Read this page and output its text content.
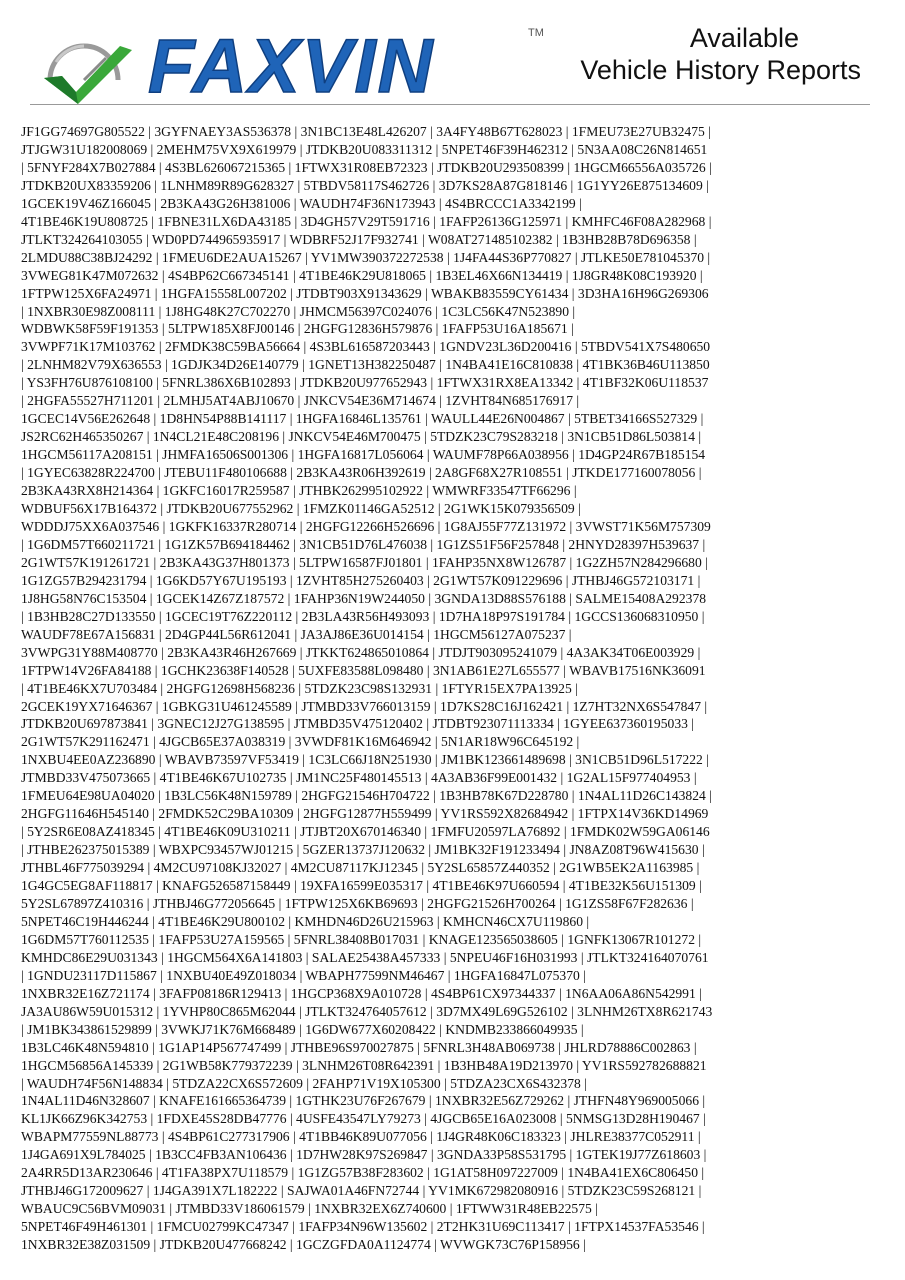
FAXVIN	TM	Available
Vehicle History Reports
JF1GG74697G805522 | 3GYFNAEY3AS536378 | 3N1BC13E48L426207 | 3A4FY48B67T628023 | 1FMEU73E27UB32475 |
JTJGW31U182008069 | 2MEHM75VX9X619979 | JTDKB20U083311312 | 5NPET46F39H462312 | 5N3AA08C26N814651
| 5FNYF284X7B027884 | 4S3BL626067215365 | 1FTWX31R08EB72323 | JTDKB20U293508399 | 1HGCM66556A035726 |
JTDKB20UX83359206 | 1LNHM89R89G628327 | 5TBDV58117S462726 | 3D7KS28A87G818146 | 1G1YY26E875134609 |
1GCEK19V46Z166045 | 2B3KA43G26H381006 | WAUDH74F36N173943 | 4S4BRCCC1A3342199 |
4T1BE46K19U808725 | 1FBNE31LX6DA43185 | 3D4GH57V29T591716 | 1FAFP26136G125971 | KMHFC46F08A282968 |
JTLKT324264103055 | WD0PD744965935917 | WDBRF52J17F932741 | W08AT271485102382 | 1B3HB28B78D696358 |
2LMDU88C38BJ24292 | 1FMEU6DE2AUA15267 | YV1MW390372272538 | 1J4FA44S36P770827 | JTLKE50E781045370 |
3VWEG81K47M072632 | 4S4BP62C667345141 | 4T1BE46K29U818065 | 1B3EL46X66N134419 | 1J8GR48K08C193920 |
1FTPW125X6FA24971 | 1HGFA15558L007202 | JTDBT903X91343629 | WBAKB83559CY61434 | 3D3HA16H96G269306
| 1NXBR30E98Z008111 | 1J8HG48K27C702270 | JHMCM56397C024076 | 1C3LC56K47N523890 |
WDBWK58F59F191353 | 5LTPW185X8FJ00146 | 2HGFG12836H579876 | 1FAFP53U16A185671 |
3VWPF71K17M103762 | 2FMDK38C59BA56664 | 4S3BL616587203443 | 1GNDV23L36D200416 | 5TBDV541X7S480650
| 2LNHM82V79X636553 | 1GDJK34D26E140779 | 1GNET13H382250487 | 1N4BA41E16C810838 | 4T1BK36B46U113850
| YS3FH76U876108100 | 5FNRL386X6B102893 | JTDKB20U977652943 | 1FTWX31RX8EA13342 | 4T1BF32K06U118537
| 2HGFA55527H711201 | 2LMHJ5AT4ABJ10670 | JNKCV54E36M714674 | 1ZVHT84N685176917 |
1GCEC14V56E262648 | 1D8HN54P88B141117 | 1HGFA16846L135761 | WAULL44E26N004867 | 5TBET34166S527329 |
JS2RC62H465350267 | 1N4CL21E48C208196 | JNKCV54E46M700475 | 5TDZK23C79S283218 | 3N1CB51D86L503814 |
1HGCM56117A208151 | JHMFA16506S001306 | 1HGFA16817L056064 | WAUMF78P66A038956 | 1D4GP24R67B185154
| 1GYEC63828R224700 | JTEBU11F480106688 | 2B3KA43R06H392619 | 2A8GF68X27R108551 | JTKDE177160078056 |
2B3KA43RX8H214364 | 1GKFC16017R259587 | JTHBK262995102922 | WMWRF33547TF66296 |
WDBUF56X17B164372 | JTDKB20U677552962 | 1FMZK01146GA52512 | 2G1WK15K079356509 |
WDDDJ75XX6A037546 | 1GKFK16337R280714 | 2HGFG12266H526696 | 1G8AJ55F77Z131972 | 3VWST71K56M757309
| 1G6DM57T660211721 | 1G1ZK57B694184462 | 3N1CB51D76L476038 | 1G1ZS51F56F257848 | 2HNYD28397H539637 |
2G1WT57K191261721 | 2B3KA43G37H801373 | 5LTPW16587FJ01801 | 1FAHP35NX8W126787 | 1G2ZH57N284296680 |
1G1ZG57B294231794 | 1G6KD57Y67U195193 | 1ZVHT85H275260403 | 2G1WT57K091229696 | JTHBJ46G572103171 |
1J8HG58N76C153504 | 1GCEK14Z67Z187572 | 1FAHP36N19W244050 | 3GNDA13D88S576188 | SALME15408A292378
| 1B3HB28C27D133550 | 1GCEC19T76Z220112 | 2B3LA43R56H493093 | 1D7HA18P97S191784 | 1GCCS136068310950 |
WAUDF78E67A156831 | 2D4GP44L56R612041 | JA3AJ86E36U014154 | 1HGCM56127A075237 |
3VWPG31Y88M408770 | 2B3KA43R46H267669 | JTKKT624865010864 | JTDJT903095241079 | 4A3AK34T06E003929 |
1FTPW14V26FA84188 | 1GCHK23638F140528 | 5UXFE83588L098480 | 3N1AB61E27L655577 | WBAVB17516NK36091
| 4T1BE46KX7U703484 | 2HGFG12698H568236 | 5TDZK23C98S132931 | 1FTYR15EX7PA13925 |
2GCEK19YX71646367 | 1GBKG31U461245589 | JTMBD33V766013159 | 1D7KS28C16J162421 | 1Z7HT32NX6S547847 |
JTDKB20U697873841 | 3GNEC12J27G138595 | JTMBD35V475120402 | JTDBT923071113334 | 1GYEE637360195033 |
2G1WT57K291162471 | 4JGCB65E37A038319 | 3VWDF81K16M646942 | 5N1AR18W96C645192 |
1NXBU4EE0AZ236890 | WBAVB73597VF53419 | 1C3LC66J18N251930 | JM1BK123661489698 | 3N1CB51D96L517222 |
JTMBD33V475073665 | 4T1BE46K67U102735 | JM1NC25F480145513 | 4A3AB36F99E001432 | 1G2AL15F977404953 |
1FMEU64E98UA04020 | 1B3LC56K48N159789 | 2HGFG21546H704722 | 1B3HB78K67D228780 | 1N4AL11D26C143824 |
2HGFG11646H545140 | 2FMDK52C29BA10309 | 2HGFG12877H559499 | YV1RS592X82684942 | 1FTPX14V36KD14969
| 5Y2SR6E08AZ418345 | 4T1BE46K09U310211 | JTJBT20X670146340 | 1FMFU20597LA76892 | 1FMDK02W59GA06146
| JTHBE262375015389 | WBXPC93457WJ01215 | 5GZER13737J120632 | JM1BK32F191233494 | JN8AZ08T96W415630 |
JTHBL46F775039294 | 4M2CU97108KJ32027 | 4M2CU87117KJ12345 | 5Y2SL65857Z440352 | 2G1WB5EK2A1163985 |
1G4GC5EG8AF118817 | KNAFG526587158449 | 19XFA16599E035317 | 4T1BE46K97U660594 | 4T1BE32K56U151309 |
5Y2SL67897Z410316 | JTHBJ46G772056645 | 1FTPW125X6KB69693 | 2HGFG21526H700264 | 1G1ZS58F67F282636 |
5NPET46C19H446244 | 4T1BE46K29U800102 | KMHDN46D26U215963 | KMHCN46CX7U119860 |
1G6DM57T760112535 | 1FAFP53U27A159565 | 5FNRL38408B017031 | KNAGE123565038605 | 1GNFK13067R101272 |
KMHDC86E29U031343 | 1HGCM564X6A141803 | SALAE25438A457333 | 5NPEU46F16H031993 | JTLKT324164070761
| 1GNDU23117D115867 | 1NXBU40E49Z018034 | WBAPH77599NM46467 | 1HGFA16847L075370 |
1NXBR32E16Z721174 | 3FAFP08186R129413 | 1HGCP368X9A010728 | 4S4BP61CX97344337 | 1N6AA06A86N542991 |
JA3AU86W59U015312 | 1YVHP80C865M62044 | JTLKT324764057612 | 3D7MX49L69G526102 | 3LNHM26TX8R621743
| JM1BK343861529899 | 3VWKJ71K76M668489 | 1G6DW677X60208422 | KNDMB233866049935 |
1B3LC46K48N594810 | 1G1AP14P567747499 | JTHBE96S970027875 | 5FNRL3H48AB069738 | JHLRD78886C002863 |
1HGCM56856A145339 | 2G1WB58K779372239 | 3LNHM26T08R642391 | 1B3HB48A19D213970 | YV1RS592782688821
| WAUDH74F56N148834 | 5TDZA22CX6S572609 | 2FAHP71V19X105300 | 5TDZA23CX6S432378 |
1N4AL11D46N328607 | KNAFE161665364739 | 1GTHK23U76F267679 | 1NXBR32E56Z729262 | JTHFN48Y969005066 |
KL1JK66Z96K342753 | 1FDXE45S28DB47776 | 4USFE43547LY79273 | 4JGCB65E16A023008 | 5NMSG13D28H190467 |
WBAPM77559NL88773 | 4S4BP61C277317906 | 4T1BB46K89U077056 | 1J4GR48K06C183323 | JHLRE38377C052911 |
1J4GA691X9L784025 | 1B3CC4FB3AN106436 | 1D7HW28K97S269847 | 3GNDA33P58S531795 | 1GTEK19J77Z618603 |
2A4RR5D13AR230646 | 4T1FA38PX7U118579 | 1G1ZG57B38F283602 | 1G1AT58H097227009 | 1N4BA41EX6C806450 |
JTHBJ46G172009627 | 1J4GA391X7L182222 | SAJWA01A46FN72744 | YV1MK672982080916 | 5TDZK23C59S268121 |
WBAUC9C56BVM09031 | JTMBD33V186061579 | 1NXBR32EX6Z740600 | 1FTWW31R48EB22575 |
5NPET46F49H461301 | 1FMCU02799KC47347 | 1FAFP34N96W135602 | 2T2HK31U69C113417 | 1FTPX14537FA53546 |
1NXBR32E38Z031509 | JTDKB20U477668242 | 1GCZGFDA0A1124774 | WVWGK73C76P158956 |
